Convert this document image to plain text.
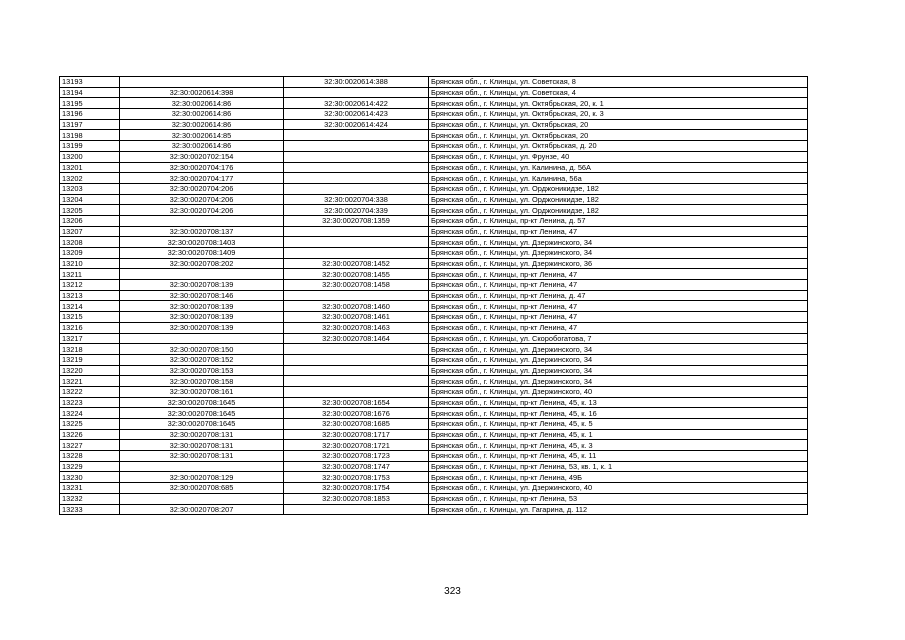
13193		32:30:0020614:388	Брянская обл., г. Клинцы, ул. Советская, 8
13194	32:30:0020614:398		Брянская обл., г. Клинцы, ул. Советская, 4
13195	32:30:0020614:86	32:30:0020614:422	Брянская обл., г. Клинцы, ул. Октябрьская, 20, к. 1
13196	32:30:0020614:86	32:30:0020614:423	Брянская обл., г. Клинцы, ул. Октябрьская, 20, к. 3
13197	32:30:0020614:86	32:30:0020614:424	Брянская обл., г. Клинцы, ул. Октябрьская, 20
13198	32:30:0020614:85		Брянская обл., г. Клинцы, ул. Октябрьская, 20
13199	32:30:0020614:86		Брянская обл., г. Клинцы, ул. Октябрьская, д. 20
13200	32:30:0020702:154		Брянская обл., г. Клинцы, ул. Фрунзе, 40
13201	32:30:0020704:176		Брянская обл., г. Клинцы, ул. Калинина, д. 56А
13202	32:30:0020704:177		Брянская обл., г. Клинцы, ул. Калинина, 56а
13203	32:30:0020704:206		Брянская обл., г. Клинцы, ул. Орджоникидзе, 182
13204	32:30:0020704:206	32:30:0020704:338	Брянская обл., г. Клинцы, ул. Орджоникидзе, 182
13205	32:30:0020704:206	32:30:0020704:339	Брянская обл., г. Клинцы, ул. Орджоникидзе, 182
13206		32:30:0020708:1359	Брянская обл., г. Клинцы, пр-кт Ленина, д. 57
13207	32:30:0020708:137		Брянская обл., г. Клинцы, пр-кт Ленина, 47
13208	32:30:0020708:1403		Брянская обл., г. Клинцы, ул. Дзержинского, 34
13209	32:30:0020708:1409		Брянская обл., г. Клинцы, ул. Дзержинского, 34
13210	32:30:0020708:202	32:30:0020708:1452	Брянская обл., г. Клинцы, ул. Дзержинского, 36
13211		32:30:0020708:1455	Брянская обл., г. Клинцы, пр-кт Ленина, 47
13212	32:30:0020708:139	32:30:0020708:1458	Брянская обл., г. Клинцы, пр-кт Ленина, 47
13213	32:30:0020708:146		Брянская обл., г. Клинцы, пр-кт Ленина, д. 47
13214	32:30:0020708:139	32:30:0020708:1460	Брянская обл., г. Клинцы, пр-кт Ленина, 47
13215	32:30:0020708:139	32:30:0020708:1461	Брянская обл., г. Клинцы, пр-кт Ленина, 47
13216	32:30:0020708:139	32:30:0020708:1463	Брянская обл., г. Клинцы, пр-кт Ленина, 47
13217		32:30:0020708:1464	Брянская обл., г. Клинцы, ул. Скоробогатова, 7
13218	32:30:0020708:150		Брянская обл., г. Клинцы, ул. Дзержинского, 34
13219	32:30:0020708:152		Брянская обл., г. Клинцы, ул. Дзержинского, 34
13220	32:30:0020708:153		Брянская обл., г. Клинцы, ул. Дзержинского, 34
13221	32:30:0020708:158		Брянская обл., г. Клинцы, ул. Дзержинского, 34
13222	32:30:0020708:161		Брянская обл., г. Клинцы, ул. Дзержинского, 40
13223	32:30:0020708:1645	32:30:0020708:1654	Брянская обл., г. Клинцы, пр-кт Ленина, 45, к. 13
13224	32:30:0020708:1645	32:30:0020708:1676	Брянская обл., г. Клинцы, пр-кт Ленина, 45, к. 16
13225	32:30:0020708:1645	32:30:0020708:1685	Брянская обл., г. Клинцы, пр-кт Ленина, 45, к. 5
13226	32:30:0020708:131	32:30:0020708:1717	Брянская обл., г. Клинцы, пр-кт Ленина, 45, к. 1
13227	32:30:0020708:131	32:30:0020708:1721	Брянская обл., г. Клинцы, пр-кт Ленина, 45, к. 3
13228	32:30:0020708:131	32:30:0020708:1723	Брянская обл., г. Клинцы, пр-кт Ленина, 45, к. 11
13229		32:30:0020708:1747	Брянская обл., г. Клинцы, пр-кт Ленина, 53, кв. 1, к. 1
13230	32:30:0020708:129	32:30:0020708:1753	Брянская обл., г. Клинцы, пр-кт Ленина, 49Б
13231	32:30:0020708:685	32:30:0020708:1754	Брянская обл., г. Клинцы, ул. Дзержинского, 40
13232		32:30:0020708:1853	Брянская обл., г. Клинцы, пр-кт Ленина, 53
13233	32:30:0020708:207		Брянская обл., г. Клинцы, ул. Гагарина, д. 112
323
